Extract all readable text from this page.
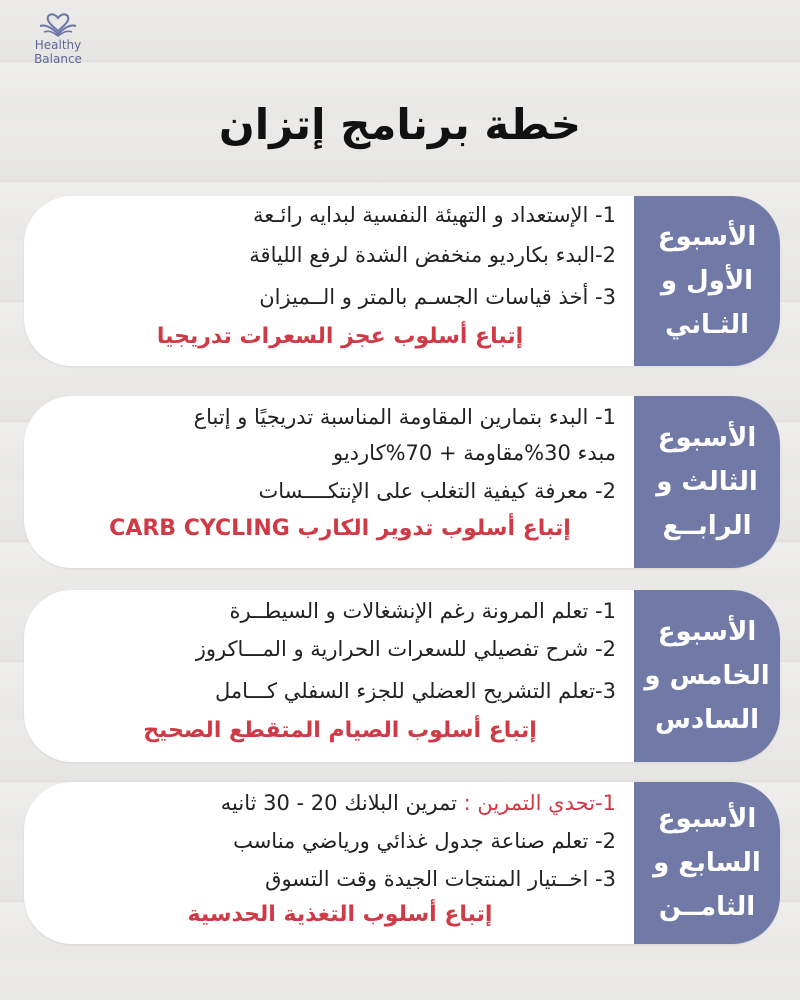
Healthy
Balance
خطة برنامج إتزان
الأسبوع
الأول و
الثـاني
1- الإستعداد و التهيئة النفسية لبدايه رائـعة
2-البدء بكارديو منخفض الشدة لرفع اللياقة
3- أخذ قياسات الجسـم بالمتر و الــميزان
إتباع أسلوب عجز السعرات تدريجيا
الأسبوع
الثالث و
الرابــع
1- البدء بتمارين المقاومة المناسبة تدريجيًا و إتباع
مبدء 30%مقاومة + 70%كارديو
2- معرفة كيفية التغلب على الإنتكــــسات
إتباع أسلوب تدوير الكارب CARB CYCLING
الأسبوع
الخامس و
السادس
1- تعلم المرونة رغم الإنشغالات و السيطــرة
2- شرح تفصيلي للسعرات الحرارية و المـــاكروز
3-تعلم التشريح العضلي للجزء السفلي كـــامل
إتباع أسلوب الصيام المتقطع الصحيح
الأسبوع
السابع و
الثامــن
1-تحدي التمرين : تمرين البلانك 20 - 30 ثانيه
2- تعلم صناعة جدول غذائي ورياضي مناسب
3- اخــتيار المنتجات الجيدة وقت التسوق
إتباع أسلوب التغذية الحدسية
